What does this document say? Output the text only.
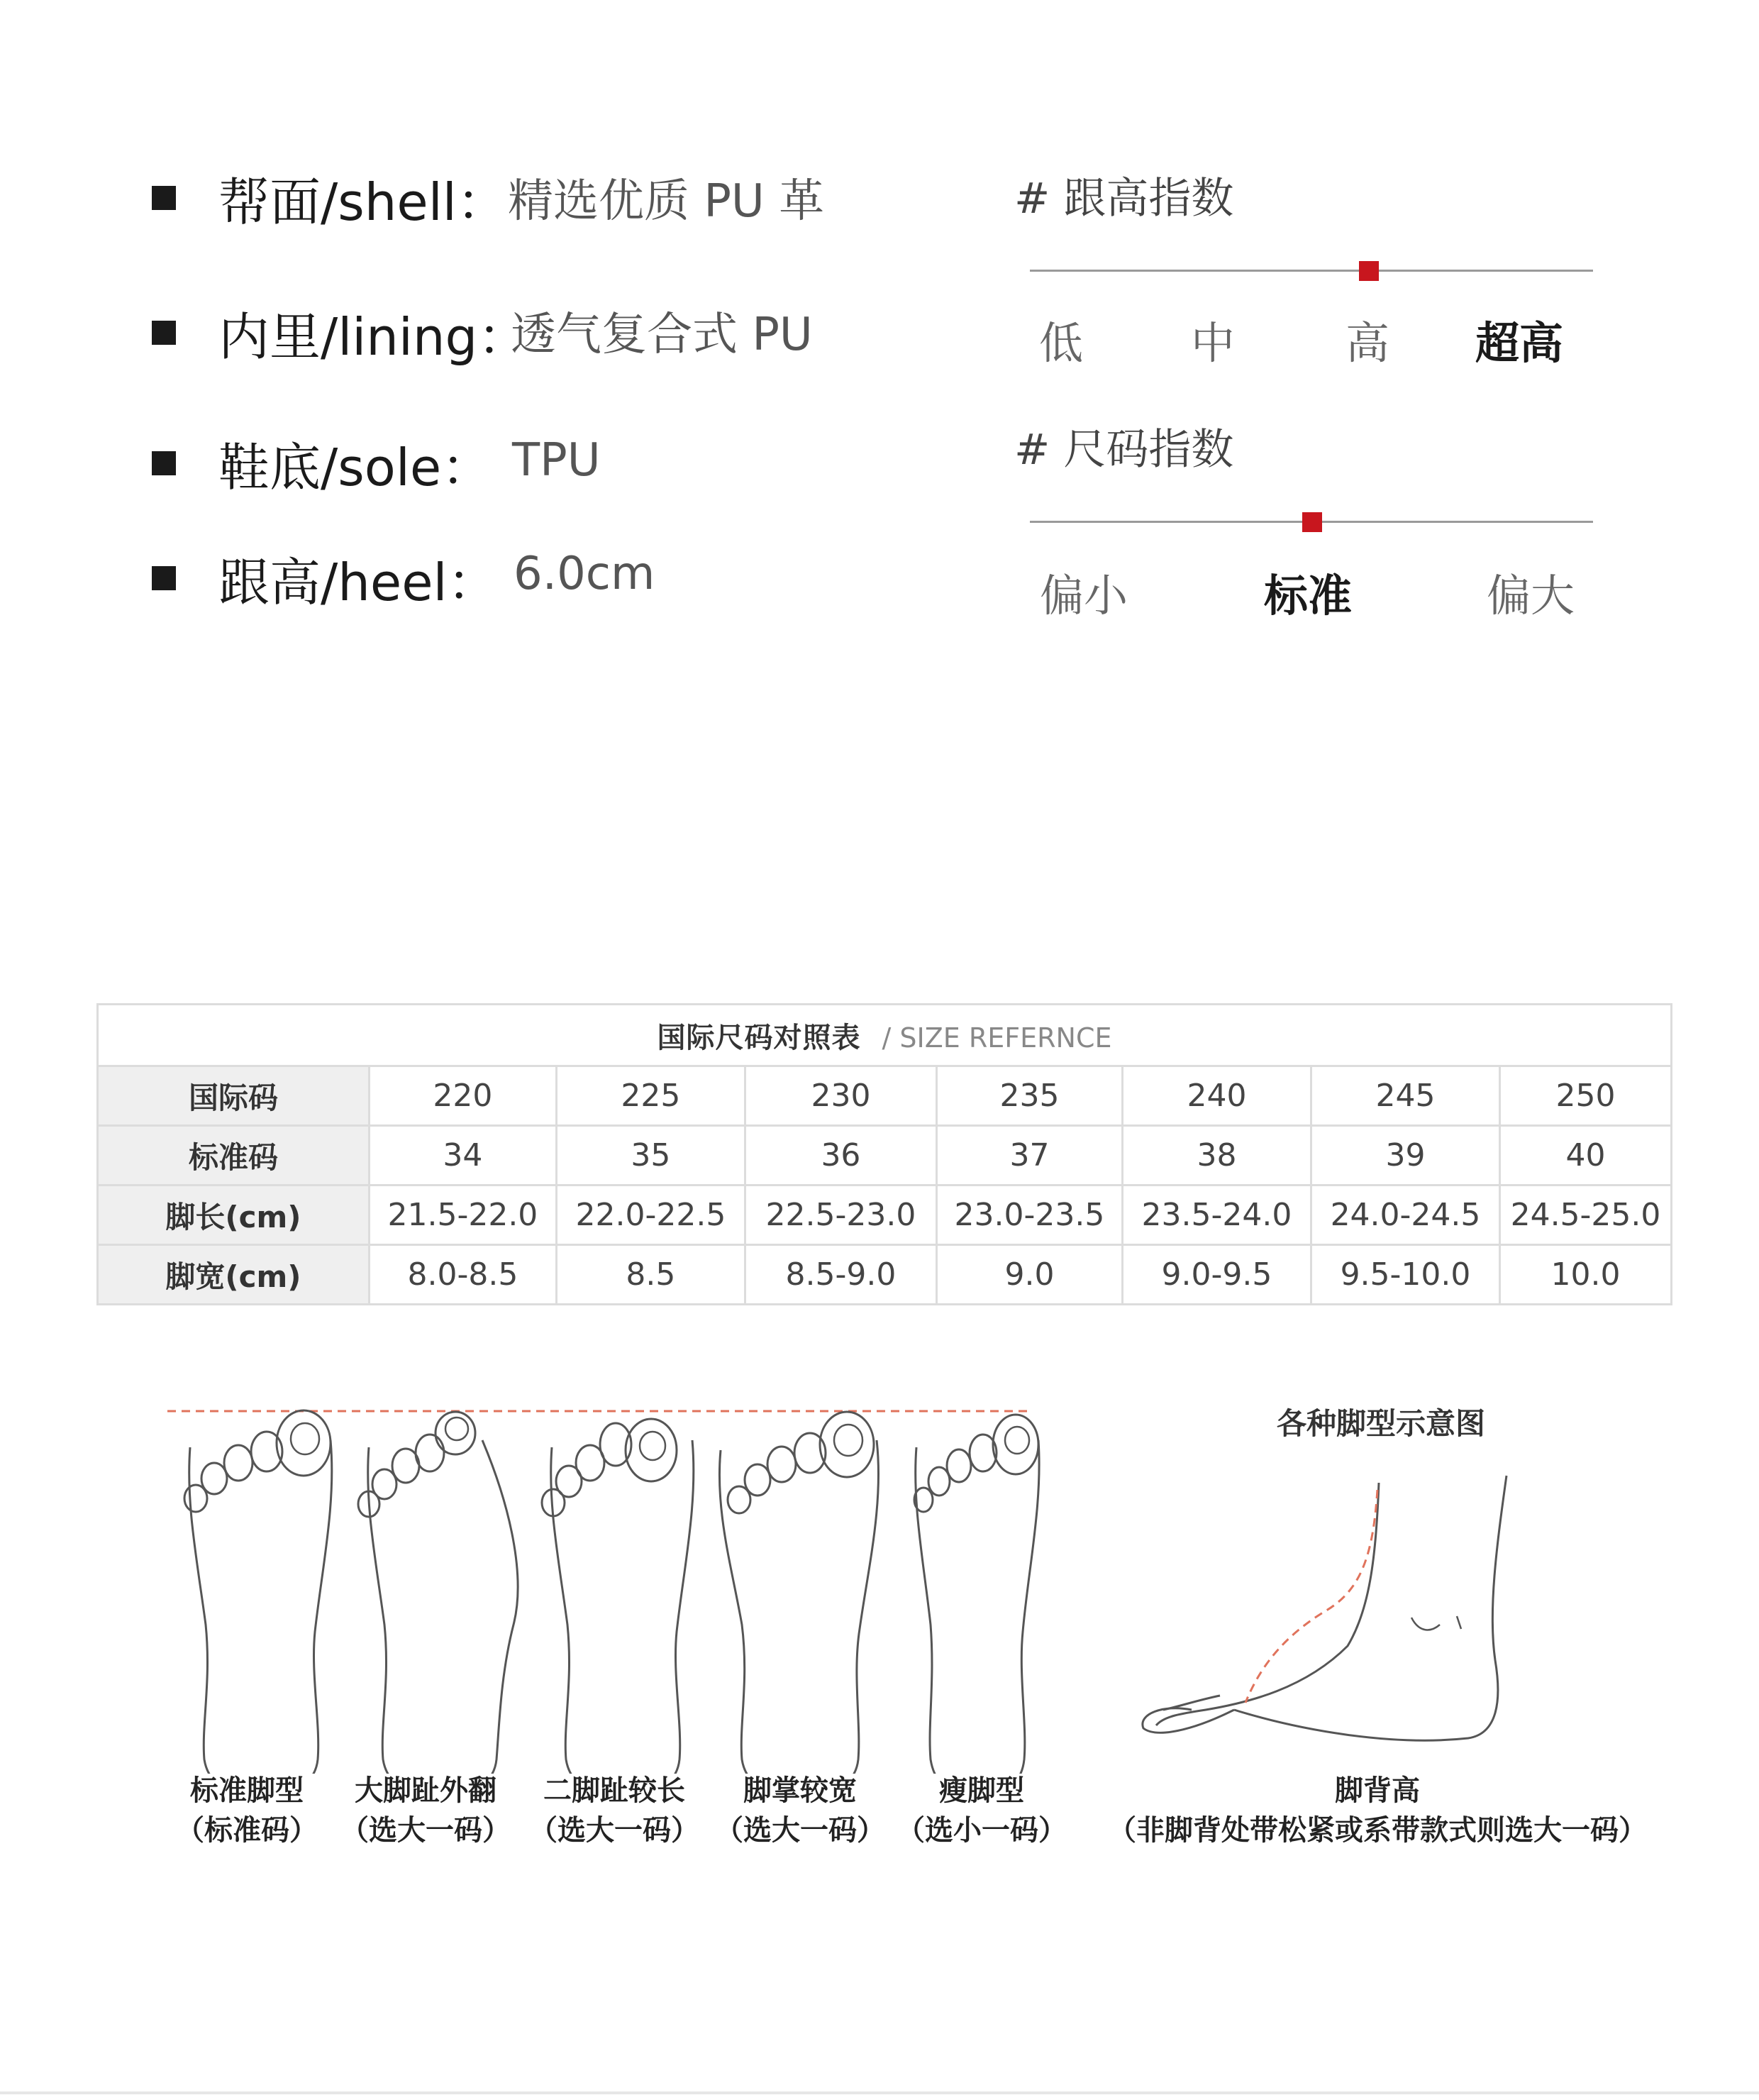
帮面/shell： 精选优质 PU 革
内里/lining：
透气复合式 PU
鞋底/sole： TPU
跟高/heel： 6.0cm
# 跟高指数
低 中	高 超高
# 尺码指数
偏小	标准	偏大
国际尺码对照表 / SIZE REFERNCE							
国际码	220	225	230	235	240	245	250
标准码	34	35	36	37	38	39	40
脚长(cm)	21.5-22.0	22.0-22.5	22.5-23.0	23.0-23.5	23.5-24.0	24.0-24.5	24.5-25.0
脚宽(cm)	8.0-8.5	8.5	8.5-9.0	9.0	9.0-9.5	9.5-10.0	10.0
标准脚型
（标准码）
大脚趾外翻
（选大一码）
二脚趾较长
（选大一码）
脚掌较宽
（选大一码）
瘦脚型
（选小一码）
各种脚型示意图
脚背高
（非脚背处带松紧或系带款式则选大一码）
